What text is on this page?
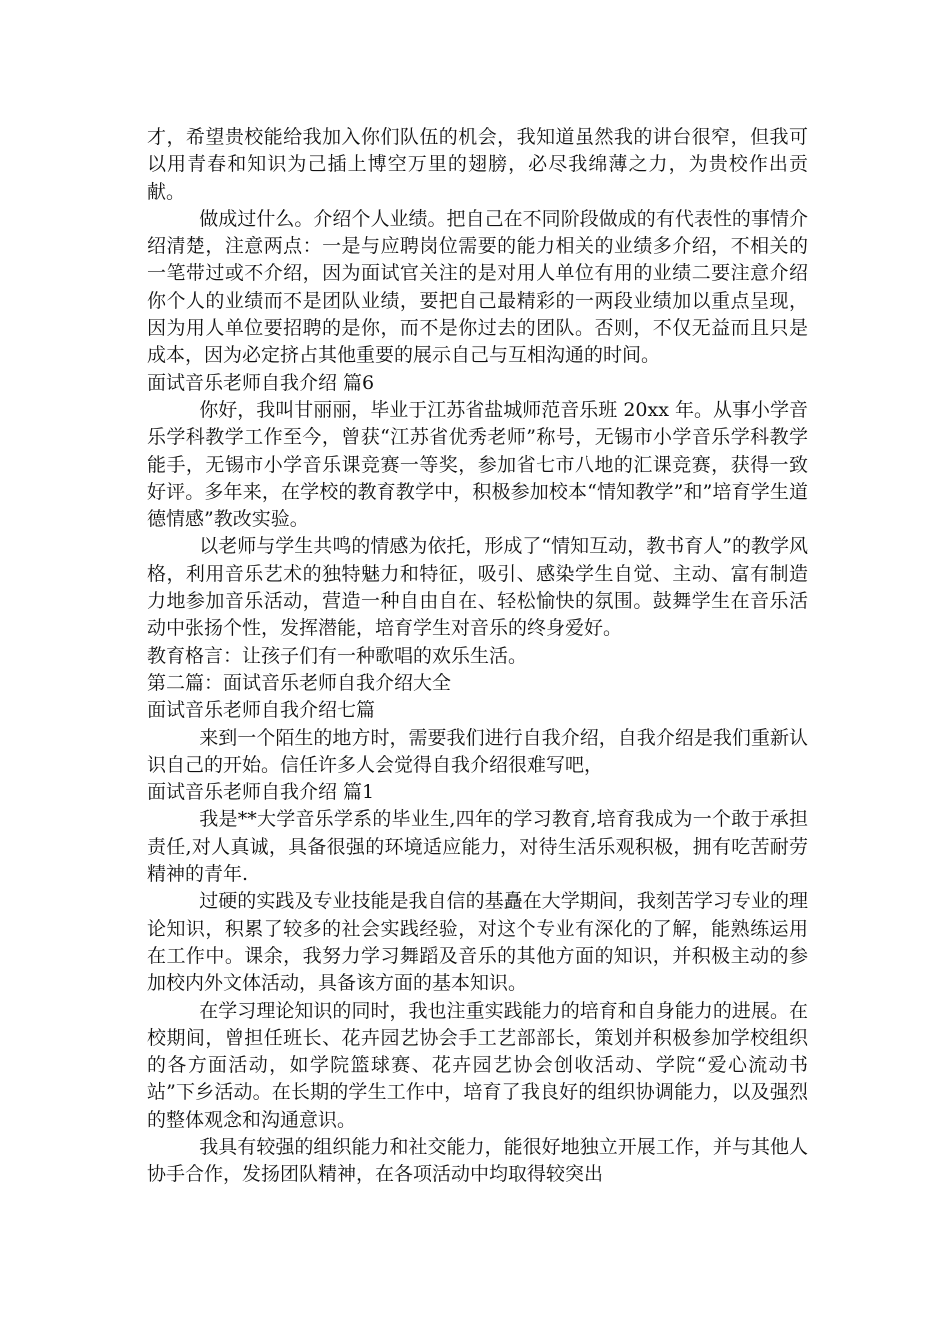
才，希望贵校能给我加入你们队伍的机会，我知道虽然我的讲台很窄，但我可以用青春和知识为己插上博空万里的翅膀，必尽我绵薄之力，为贵校作出贡献。

做成过什么。介绍个人业绩。把自己在不同阶段做成的有代表性的事情介绍清楚，注意两点：一是与应聘岗位需要的能力相关的业绩多介绍，不相关的一笔带过或不介绍，因为面试官关注的是对用人单位有用的业绩二要注意介绍你个人的业绩而不是团队业绩，要把自己最精彩的一两段业绩加以重点呈现，因为用人单位要招聘的是你，而不是你过去的团队。否则，不仅无益而且只是成本，因为必定挤占其他重要的展示自己与互相沟通的时间。

面试音乐老师自我介绍 篇6

你好，我叫甘丽丽，毕业于江苏省盐城师范音乐班 20xx 年。从事小学音乐学科教学工作至今，曾获“江苏省优秀老师”称号，无锡市小学音乐学科教学能手，无锡市小学音乐课竞赛一等奖，参加省七市八地的汇课竞赛，获得一致好评。多年来，在学校的教育教学中，积极参加校本“情知教学”和”培育学生道德情感”教改实验。

以老师与学生共鸣的情感为依托，形成了“情知互动，教书育人”的教学风格，利用音乐艺术的独特魅力和特征，吸引、感染学生自觉、主动、富有制造力地参加音乐活动，营造一种自由自在、轻松愉快的氛围。鼓舞学生在音乐活动中张扬个性，发挥潜能，培育学生对音乐的终身爱好。

教育格言：让孩子们有一种歌唱的欢乐生活。

第二篇：面试音乐老师自我介绍大全

面试音乐老师自我介绍七篇

来到一个陌生的地方时，需要我们进行自我介绍，自我介绍是我们重新认识自己的开始。信任许多人会觉得自我介绍很难写吧，

面试音乐老师自我介绍 篇1

我是**大学音乐学系的毕业生,四年的学习教育,培育我成为一个敢于承担责任,对人真诚，具备很强的环境适应能力，对待生活乐观积极，拥有吃苦耐劳精神的青年.

过硬的实践及专业技能是我自信的基矗在大学期间，我刻苦学习专业的理论知识，积累了较多的社会实践经验，对这个专业有深化的了解，能熟练运用在工作中。课余，我努力学习舞蹈及音乐的其他方面的知识，并积极主动的参加校内外文体活动，具备该方面的基本知识。

在学习理论知识的同时，我也注重实践能力的培育和自身能力的进展。在校期间，曾担任班长、花卉园艺协会手工艺部部长，策划并积极参加学校组织的各方面活动，如学院篮球赛、花卉园艺协会创收活动、学院“爱心流动书站”下乡活动。在长期的学生工作中，培育了我良好的组织协调能力，以及强烈的整体观念和沟通意识。

我具有较强的组织能力和社交能力，能很好地独立开展工作，并与其他人协手合作，发扬团队精神，在各项活动中均取得较突出
